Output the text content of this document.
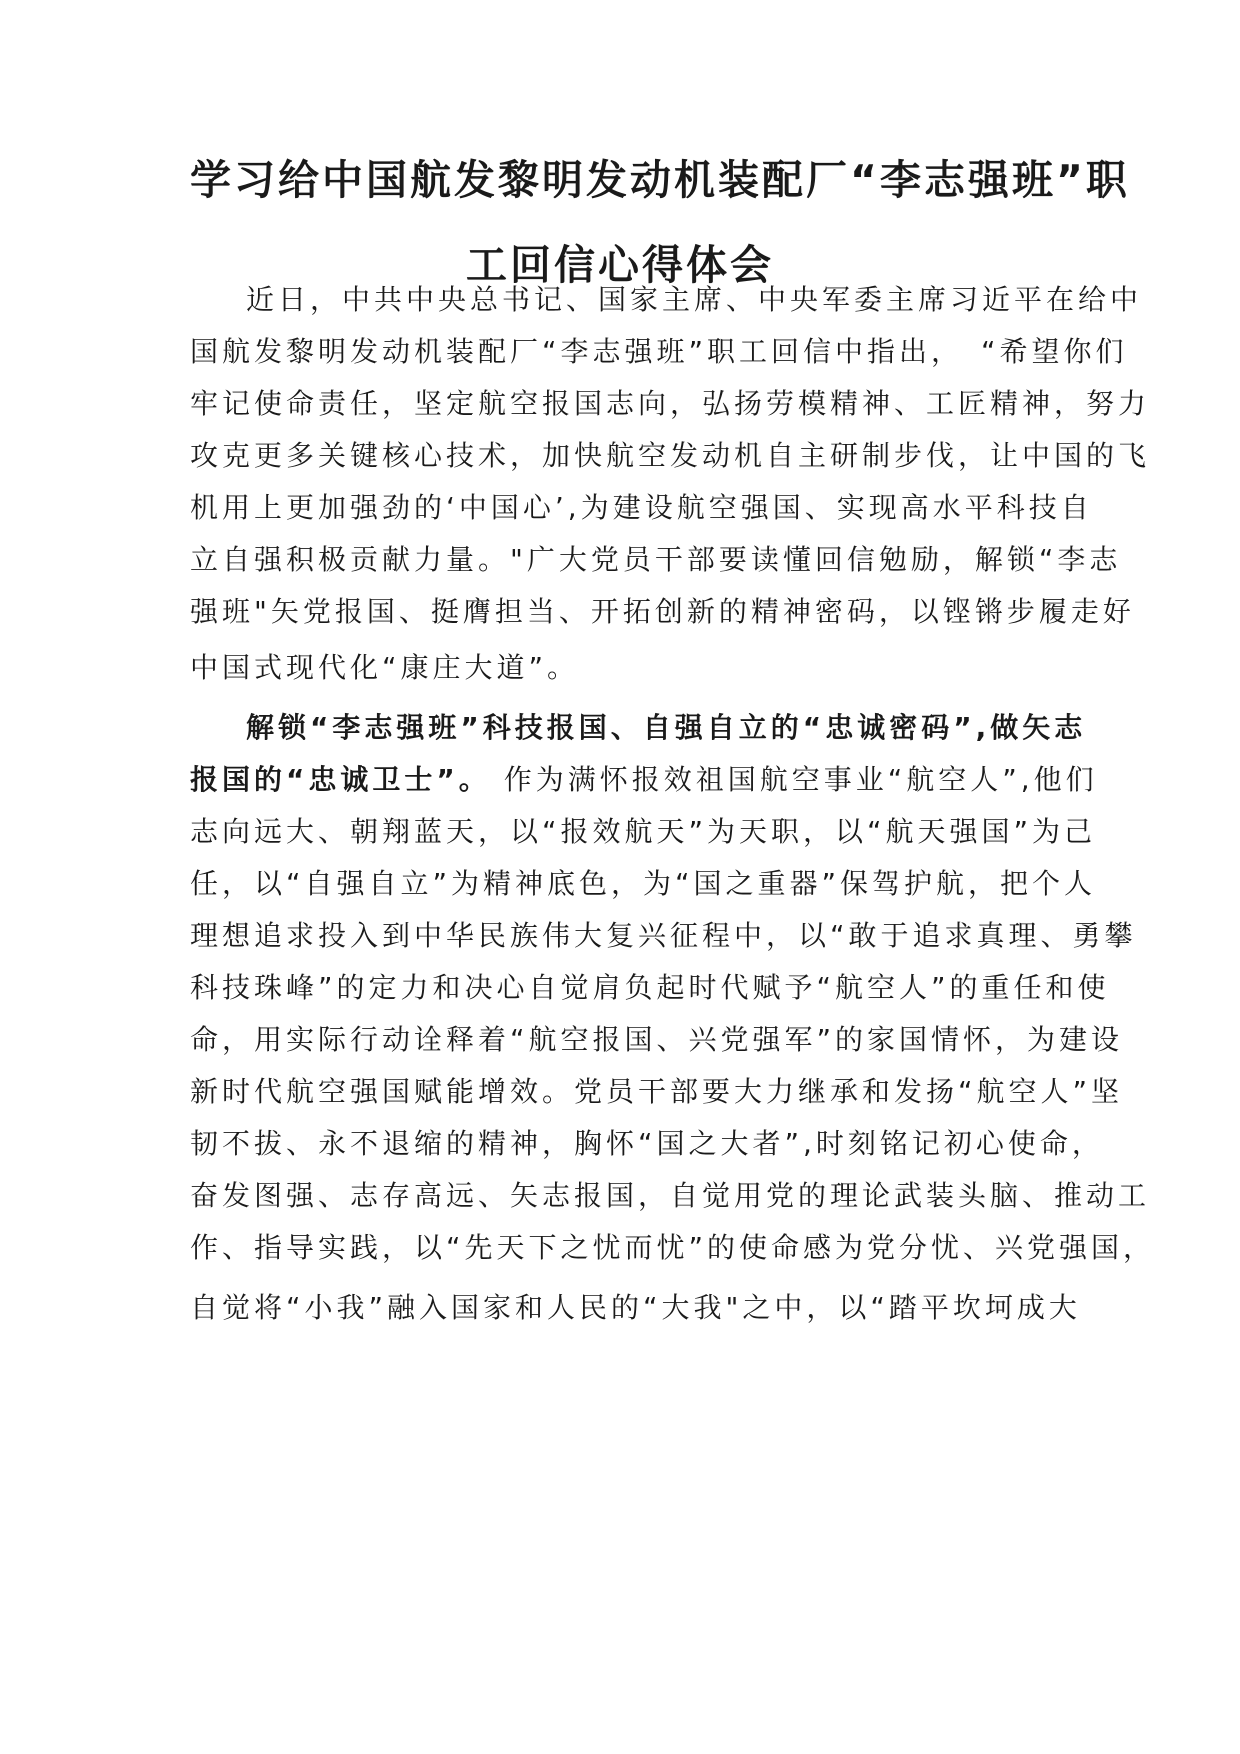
学习给中国航发黎明发动机装配厂“李志强班”职
工回信心得体会
近日，中共中央总书记、国家主席、中央军委主席习近平在给中
国航发黎明发动机装配厂“李志强班”职工回信中指出，　“希望你们
牢记使命责任，坚定航空报国志向，弘扬劳模精神、工匠精神，努力
攻克更多关键核心技术，加快航空发动机自主研制步伐，让中国的飞
机用上更加强劲的‘中国心’,为建设航空强国、实现高水平科技自
立自强积极贡献力量。"广大党员干部要读懂回信勉励，解锁“李志
强班"矢党报国、挺膺担当、开拓创新的精神密码，以铿锵步履走好
中国式现代化“康庄大道”。
解锁“李志强班”科技报国、自强自立的“忠诚密码”,做矢志
报国的“忠诚卫士”。 作为满怀报效祖国航空事业“航空人”,他们
志向远大、朝翔蓝天，以“报效航天”为天职，以“航天强国”为己
任，以“自强自立”为精神底色，为“国之重器”保驾护航，把个人
理想追求投入到中华民族伟大复兴征程中，以“敢于追求真理、勇攀
科技珠峰”的定力和决心自觉肩负起时代赋予“航空人”的重任和使
命，用实际行动诠释着“航空报国、兴党强军”的家国情怀，为建设
新时代航空强国赋能增效。党员干部要大力继承和发扬“航空人”坚
韧不拔、永不退缩的精神，胸怀“国之大者”,时刻铭记初心使命，
奋发图强、志存高远、矢志报国，自觉用党的理论武装头脑、推动工
作、指导实践，以“先天下之忧而忧”的使命感为党分忧、兴党强国，
自觉将“小我”融入国家和人民的“大我"之中，以“踏平坎坷成大
